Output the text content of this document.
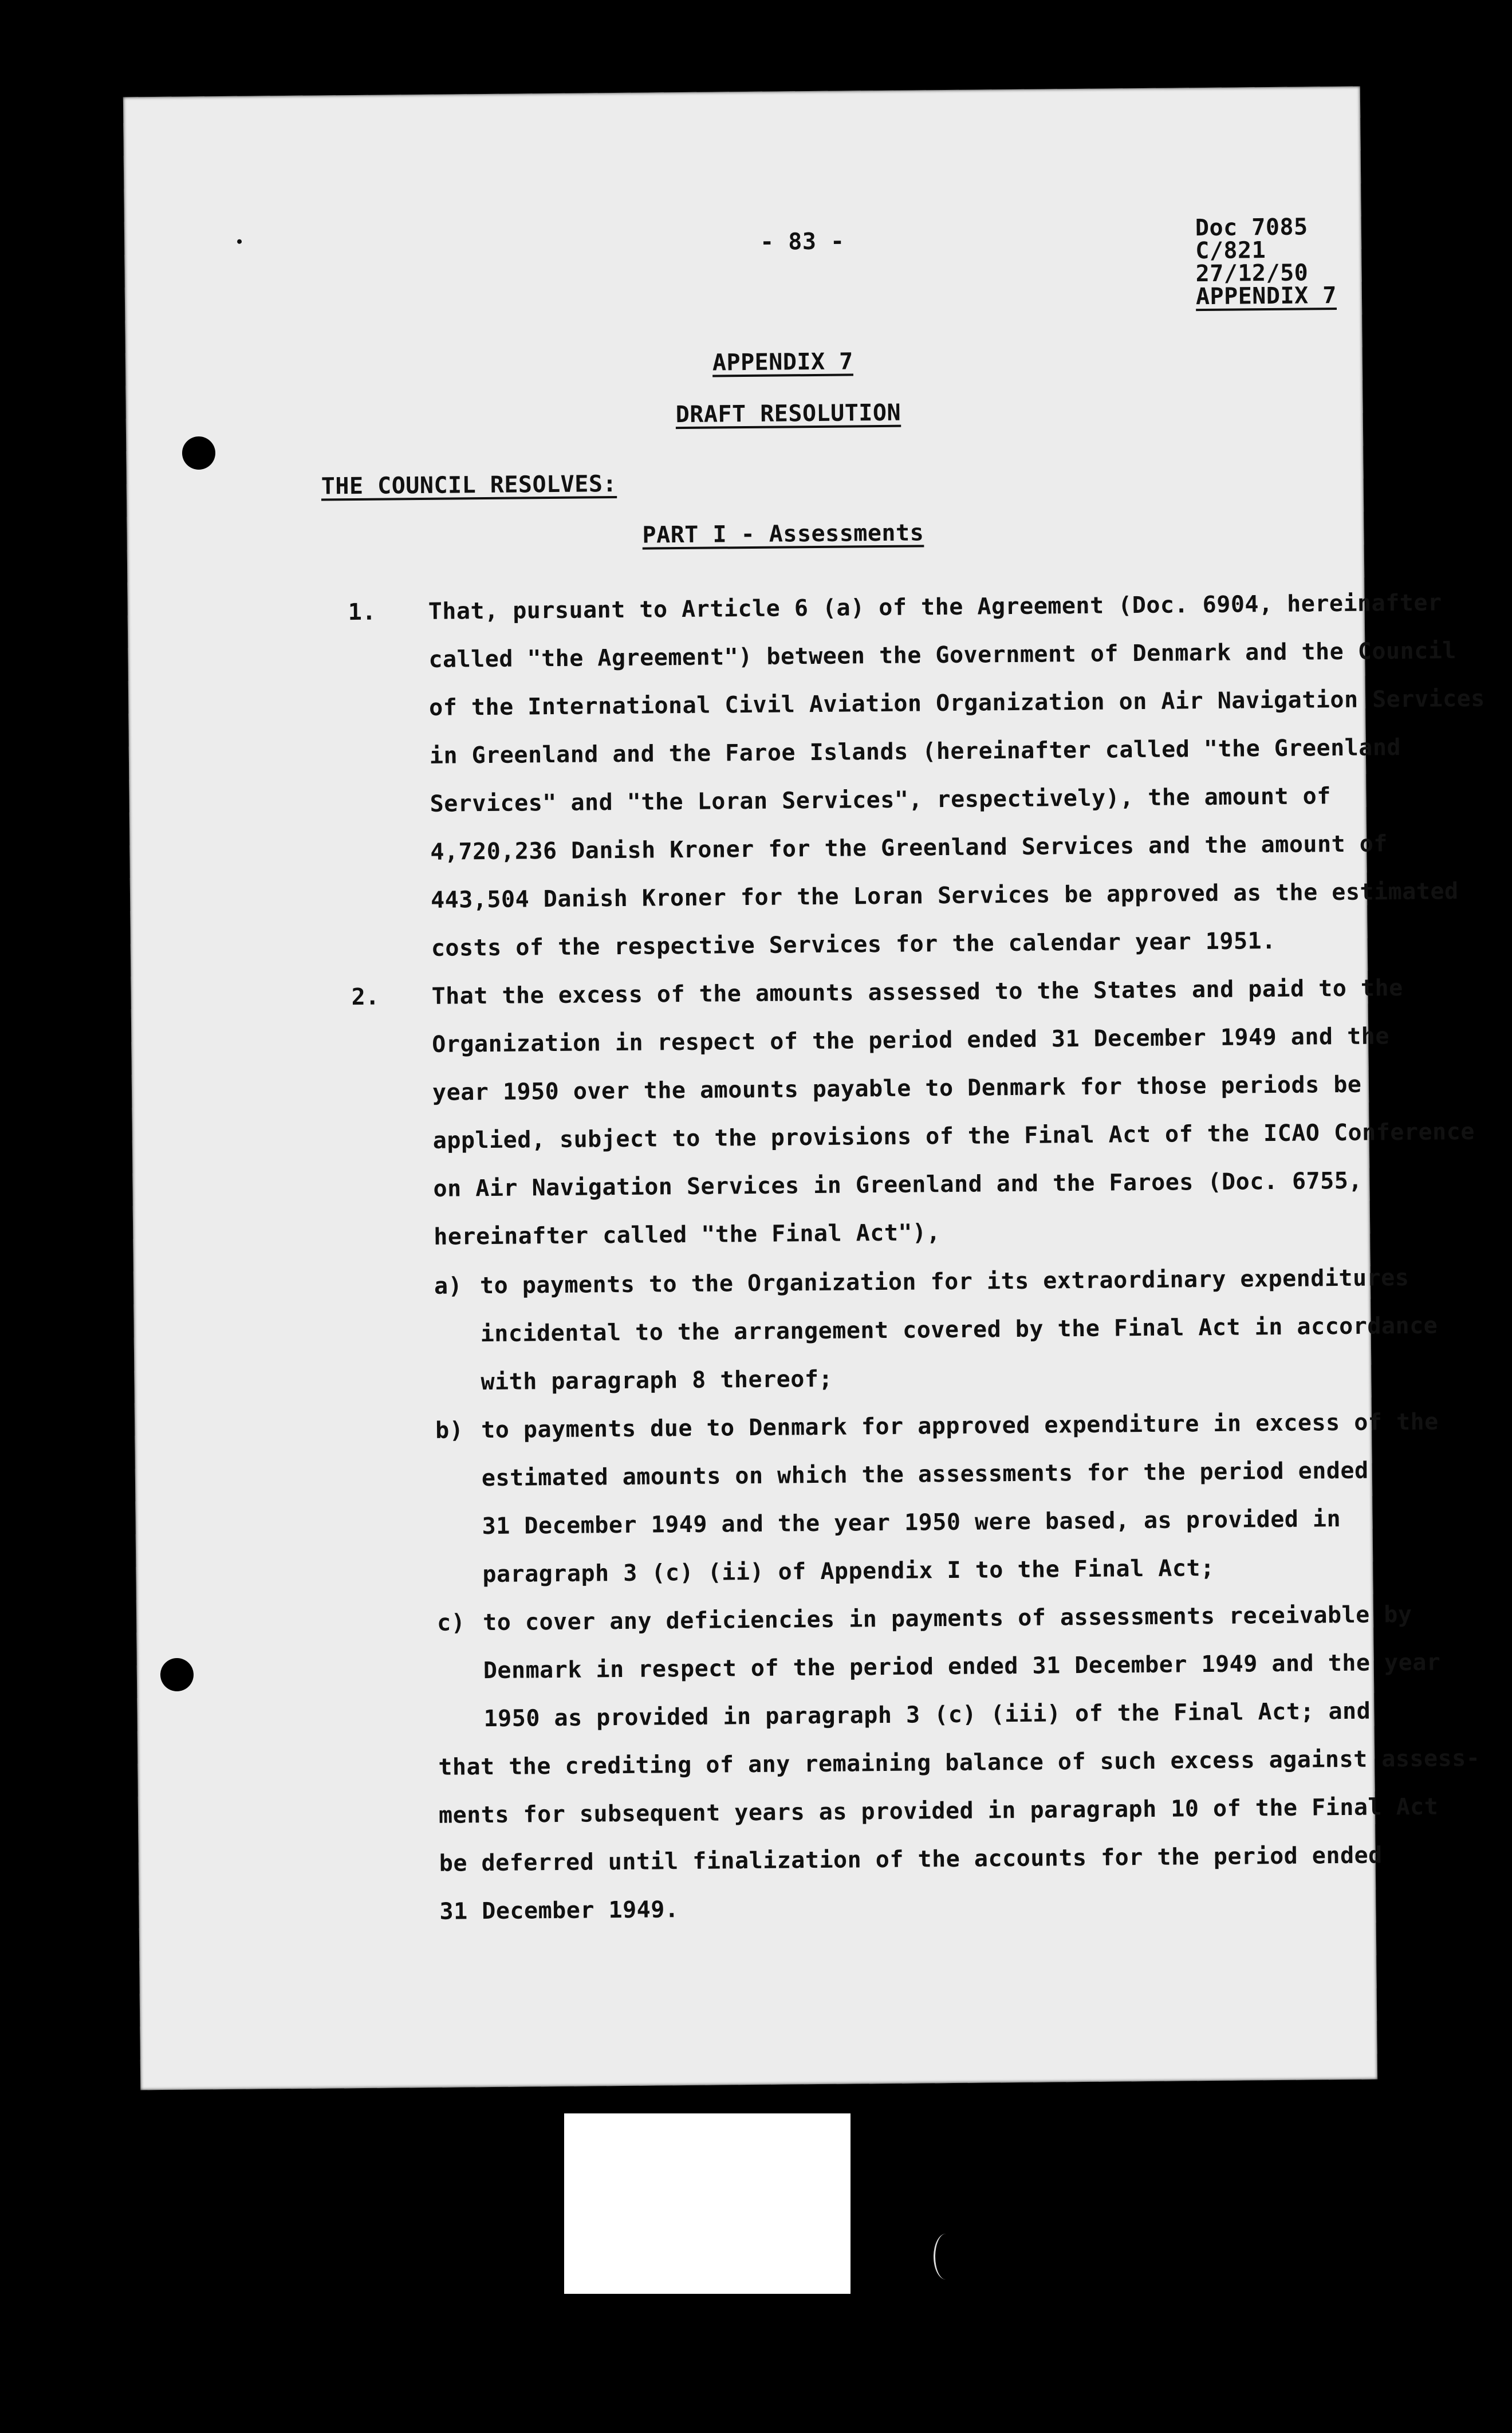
- 83 -
Doc 7085
C/821
27/12/50
APPENDIX 7
APPENDIX 7
DRAFT RESOLUTION
THE COUNCIL RESOLVES:
PART I - Assessments
1. That, pursuant to Article 6 (a) of the Agreement (Doc. 6904, hereinafter
called "the Agreement") between the Government of Denmark and the Council
of the International Civil Aviation Organization on Air Navigation Services
in Greenland and the Faroe Islands (hereinafter called "the Greenland
Services" and "the Loran Services", respectively), the amount of
4,720,236 Danish Kroner for the Greenland Services and the amount of
443,504 Danish Kroner for the Loran Services be approved as the estimated
costs of the respective Services for the calendar year 1951.
2. That the excess of the amounts assessed to the States and paid to the
Organization in respect of the period ended 31 December 1949 and the
year 1950 over the amounts payable to Denmark for those periods be
applied, subject to the provisions of the Final Act of the ICAO Conference
on Air Navigation Services in Greenland and the Faroes (Doc. 6755,
hereinafter called "the Final Act"),
a) to payments to the Organization for its extraordinary expenditures
incidental to the arrangement covered by the Final Act in accordance
with paragraph 8 thereof;
b) to payments due to Denmark for approved expenditure in excess of the
estimated amounts on which the assessments for the period ended
31 December 1949 and the year 1950 were based, as provided in
paragraph 3 (c) (ii) of Appendix I to the Final Act;
c) to cover any deficiencies in payments of assessments receivable by
Denmark in respect of the period ended 31 December 1949 and the year
1950 as provided in paragraph 3 (c) (iii) of the Final Act; and
that the crediting of any remaining balance of such excess against assess-
ments for subsequent years as provided in paragraph 10 of the Final Act
be deferred until finalization of the accounts for the period ended
31 December 1949.
